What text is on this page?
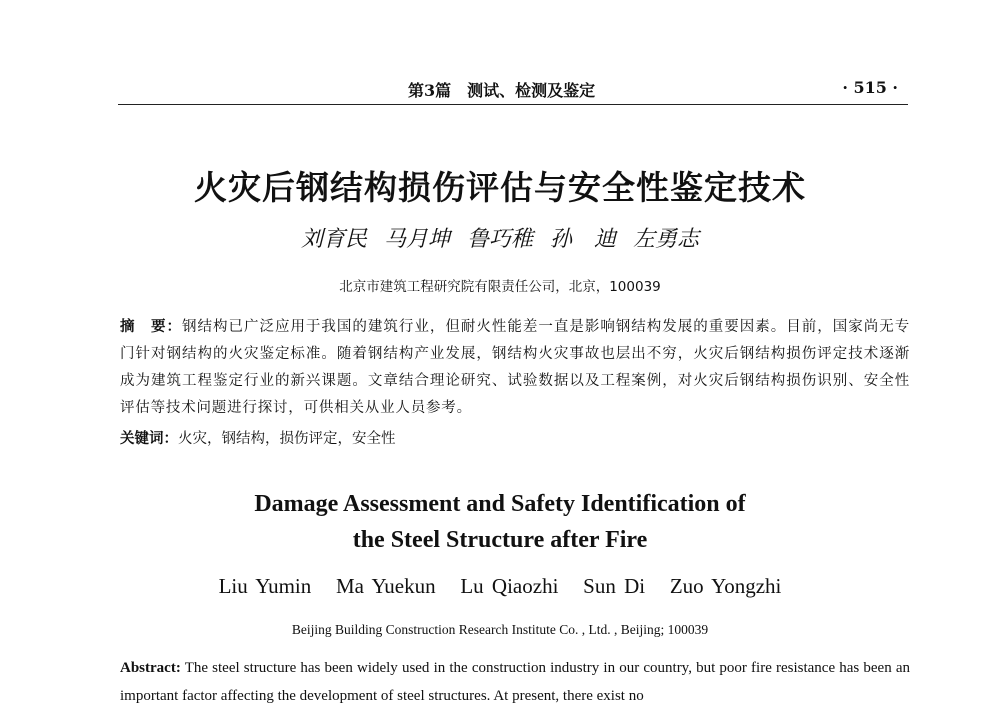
第3篇　测试、检测及鉴定	· 515 ·
火灾后钢结构损伤评估与安全性鉴定技术
刘育民 马月坤 鲁巧稚 孙　迪 左勇志
北京市建筑工程研究院有限责任公司，北京，100039
摘　要：钢结构已广泛应用于我国的建筑行业，但耐火性能差一直是影响钢结构发展的重要因素。目前，国家尚无专门针对钢结构的火灾鉴定标准。随着钢结构产业发展，钢结构火灾事故也层出不穷，火灾后钢结构损伤评定技术逐渐成为建筑工程鉴定行业的新兴课题。文章结合理论研究、试验数据以及工程案例，对火灾后钢结构损伤识别、安全性评估等技术问题进行探讨，可供相关从业人员参考。
关键词：火灾，钢结构，损伤评定，安全性
Damage Assessment and Safety Identification of
the Steel Structure after Fire
Liu Yumin Ma Yuekun Lu Qiaozhi Sun Di Zuo Yongzhi
Beijing Building Construction Research Institute Co. , Ltd. , Beijing; 100039
Abstract: The steel structure has been widely used in the construction industry in our country, but poor fire resistance has been an important factor affecting the development of steel structures. At present, there exist no
